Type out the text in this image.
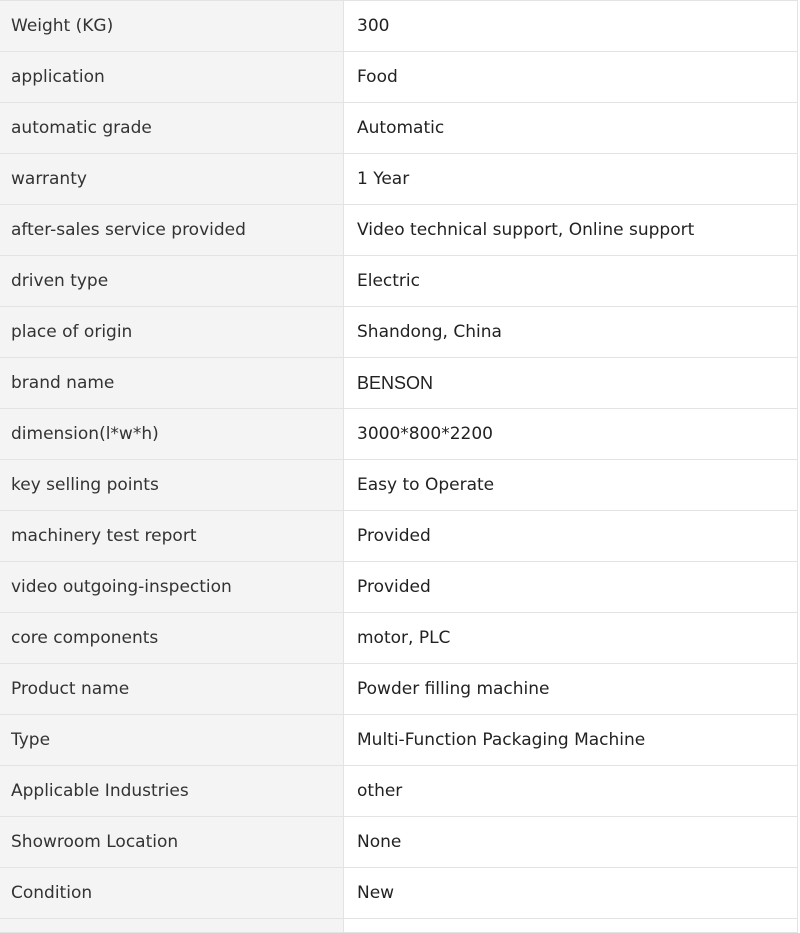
Weight (KG)	300
application	Food
automatic grade	Automatic
warranty	1 Year
after-sales service provided	Video technical support, Online support
driven type	Electric
place of origin	Shandong, China
brand name	BENSON
dimension(l*w*h)	3000*800*2200
key selling points	Easy to Operate
machinery test report	Provided
video outgoing-inspection	Provided
core components	motor, PLC
Product name	Powder filling machine
Type	Multi-Function Packaging Machine
Applicable Industries	other
Showroom Location	None
Condition	New
